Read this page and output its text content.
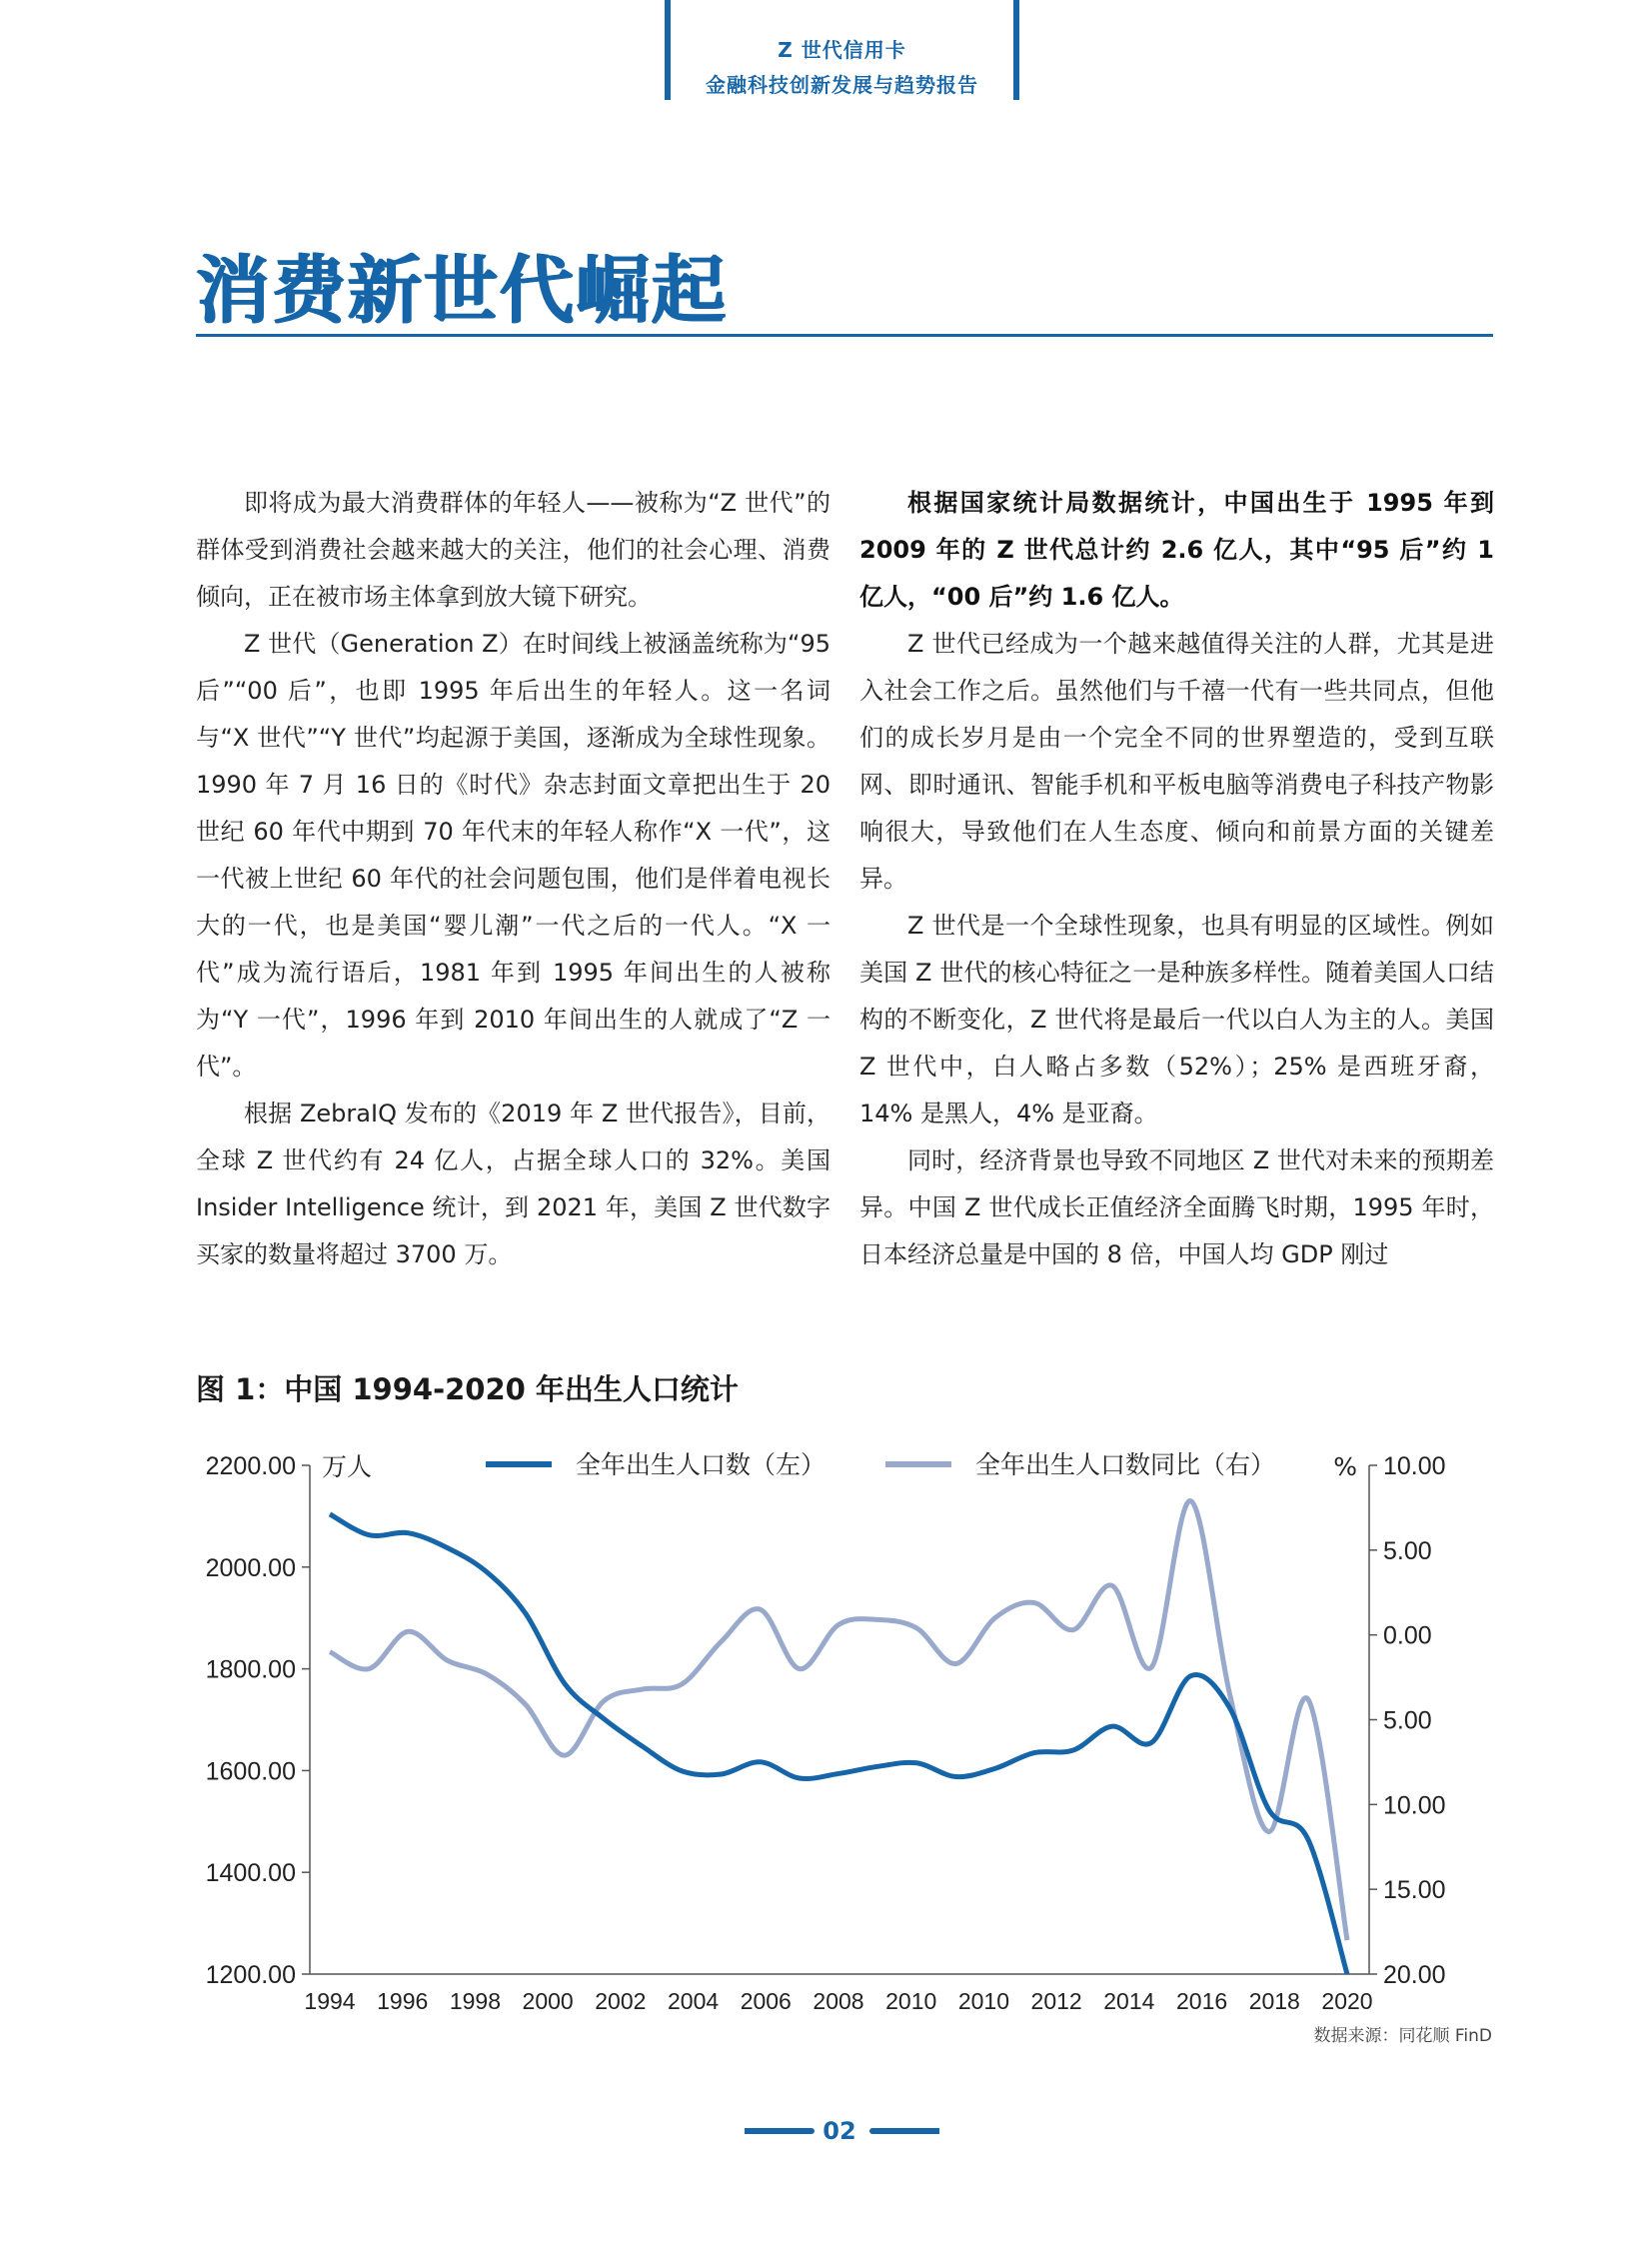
Z 世代信用卡
金融科技创新发展与趋势报告
消费新世代崛起

即将成为最大消费群体的年轻人——被称为“Z 世代”的群体受到消费社会越来越大的关注，他们的社会心理、消费倾向，正在被市场主体拿到放大镜下研究。

Z 世代（Generation Z）在时间线上被涵盖统称为“95 后”“00 后”，也即 1995 年后出生的年轻人。这一名词与“X 世代”“Y 世代”均起源于美国，逐渐成为全球性现象。1990 年 7 月 16 日的《时代》杂志封面文章把出生于 20 世纪 60 年代中期到 70 年代末的年轻人称作“X 一代”，这一代被上世纪 60 年代的社会问题包围，他们是伴着电视长大的一代，也是美国“婴儿潮”一代之后的一代人。“X 一代”成为流行语后，1981 年到 1995 年间出生的人被称为“Y 一代”，1996 年到 2010 年间出生的人就成了“Z 一代”。

根据 ZebraIQ 发布的《2019 年 Z 世代报告》，目前，全球 Z 世代约有 24 亿人，占据全球人口的 32%。美国 Insider Intelligence 统计，到 2021 年，美国 Z 世代数字买家的数量将超过 3700 万。

根据国家统计局数据统计，中国出生于 1995 年到 2009 年的 Z 世代总计约 2.6 亿人，其中“95 后”约 1 亿人，“00 后”约 1.6 亿人。

Z 世代已经成为一个越来越值得关注的人群，尤其是进入社会工作之后。虽然他们与千禧一代有一些共同点，但他们的成长岁月是由一个完全不同的世界塑造的，受到互联网、即时通讯、智能手机和平板电脑等消费电子科技产物影响很大，导致他们在人生态度、倾向和前景方面的关键差异。

Z 世代是一个全球性现象，也具有明显的区域性。例如美国 Z 世代的核心特征之一是种族多样性。随着美国人口结构的不断变化，Z 世代将是最后一代以白人为主的人。美国 Z 世代中，白人略占多数（52%）；25% 是西班牙裔，14% 是黑人，4% 是亚裔。

同时，经济背景也导致不同地区 Z 世代对未来的预期差异。中国 Z 世代成长正值经济全面腾飞时期，1995 年时，日本经济总量是中国的 8 倍，中国人均 GDP 刚过

图 1：中国 1994-2020 年出生人口统计
万人	%
全年出生人口数（左）	全年出生人口数同比（右）
2200.00
2000.00
1800.00
1600.00
1400.00
1200.00
10.00
5.00
0.00
5.00
10.00
15.00
20.00
1994 1996 1998 2000 2002 2004 2006 2008 2010 2010 2012 2014 2016 2018 2020
数据来源：同花顺 FinD
02
